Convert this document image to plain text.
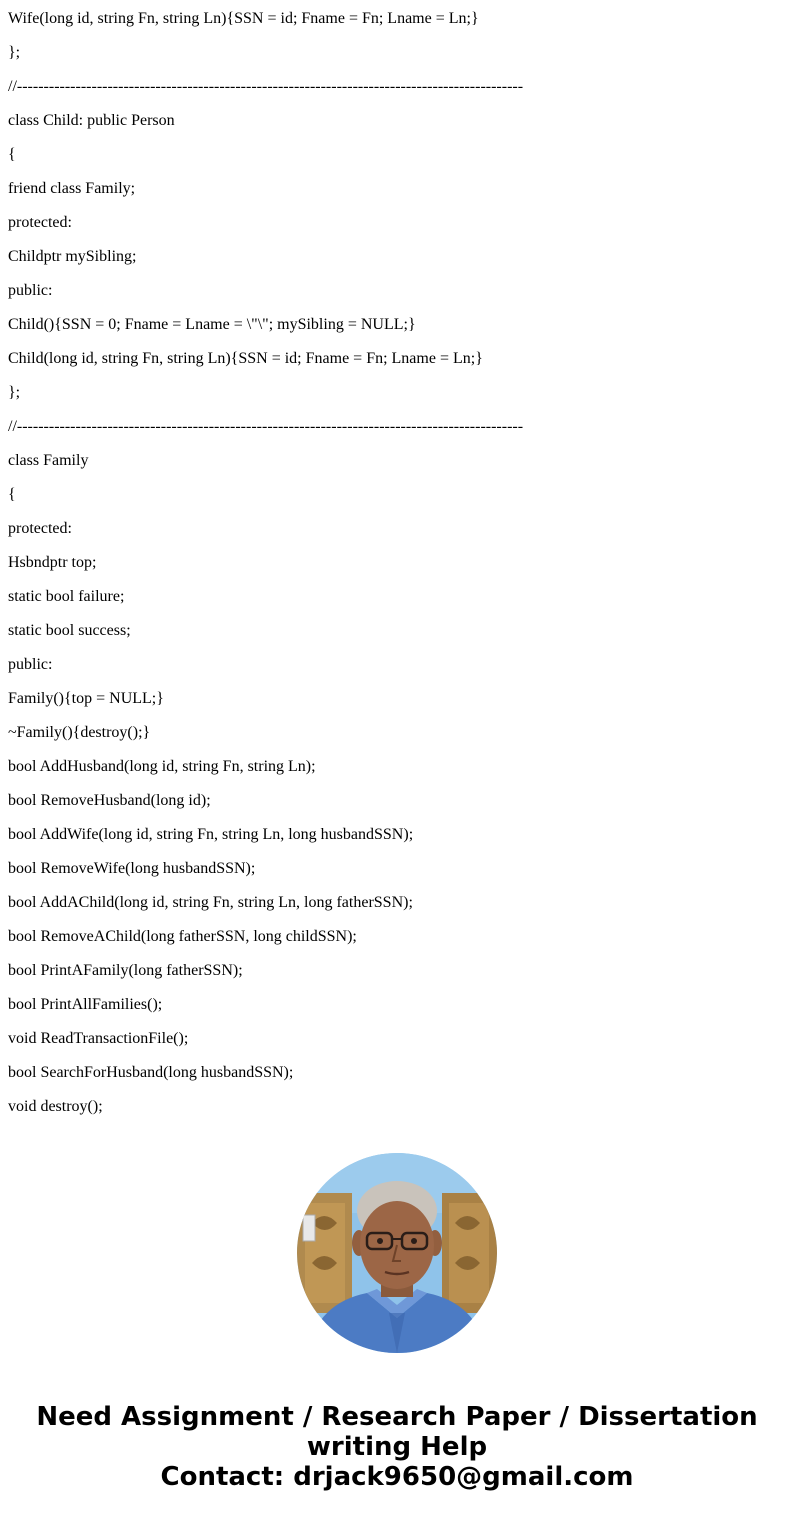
Wife(long id, string Fn, string Ln){SSN = id; Fname = Fn; Lname = Ln;}
};
//-----------------------------------------------------------------------------------------------
class Child: public Person
{
friend class Family;
protected:
Childptr mySibling;
public:
Child(){SSN = 0; Fname = Lname = \"\"; mySibling = NULL;}
Child(long id, string Fn, string Ln){SSN = id; Fname = Fn; Lname = Ln;}
};
//-----------------------------------------------------------------------------------------------
class Family
{
protected:
Hsbndptr top;
static bool failure;
static bool success;
public:
Family(){top = NULL;}
~Family(){destroy();}
bool AddHusband(long id, string Fn, string Ln);
bool RemoveHusband(long id);
bool AddWife(long id, string Fn, string Ln, long husbandSSN);
bool RemoveWife(long husbandSSN);
bool AddAChild(long id, string Fn, string Ln, long fatherSSN);
bool RemoveAChild(long fatherSSN, long childSSN);
bool PrintAFamily(long fatherSSN);
bool PrintAllFamilies();
void ReadTransactionFile();
bool SearchForHusband(long husbandSSN);
void destroy();
Need Assignment / Research Paper / Dissertation
writing Help
Contact: drjack9650@gmail.com
